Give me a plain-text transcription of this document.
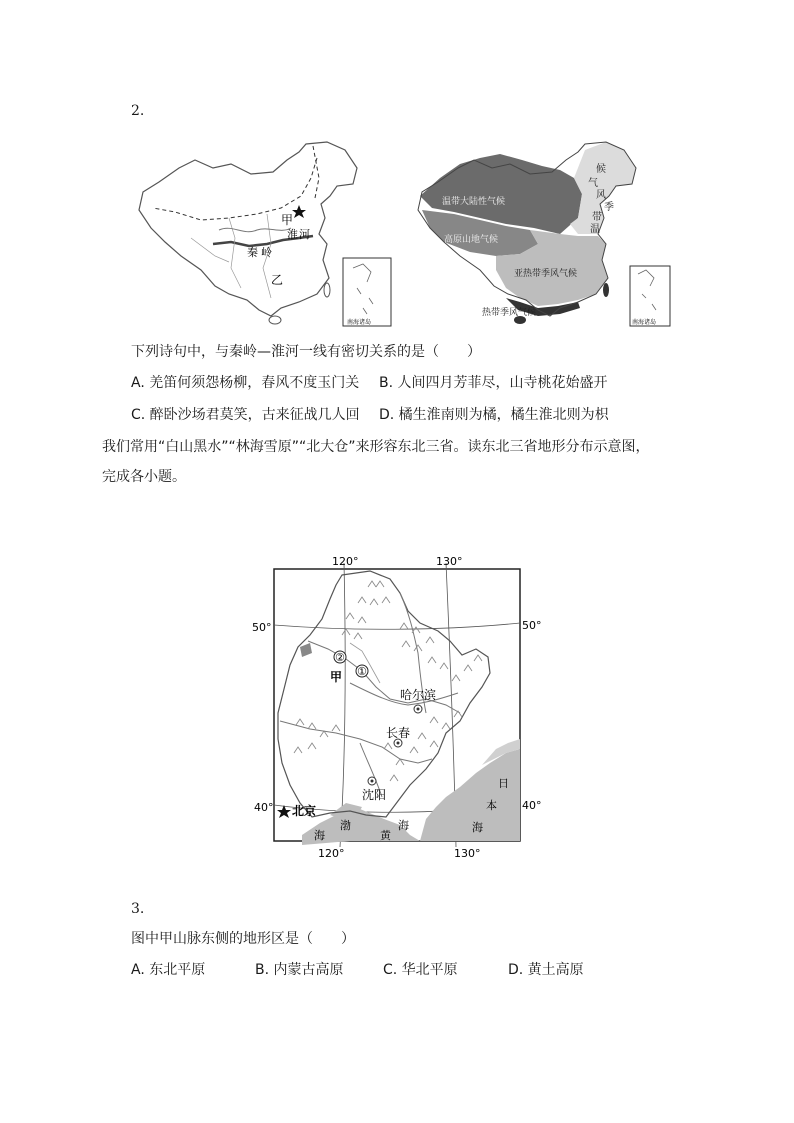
2.
甲
淮 河
秦 岭
乙
南海诸岛
温带大陆性气候
高原山地气候
亚热带季风气候
热带季风气候
候
气
风
季
带
温
南海诸岛
下列诗句中，与秦岭—淮河一线有密切关系的是（　　）
A. 羌笛何须怨杨柳，春风不度玉门关 B. 人间四月芳菲尽，山寺桃花始盛开
C. 醉卧沙场君莫笑，古来征战几人回 D. 橘生淮南则为橘，橘生淮北则为枳
我们常用“白山黑水”“林海雪原”“北大仓”来形容东北三省。读东北三省地形分布示意图，
完成各小题。
②
①
甲
哈尔滨
长春
沈阳
北京
渤
海	黄
海
日
本
海
120°	130°
120°	130°
50°	50°
40°	40°
3.
图中甲山脉东侧的地形区是（　　）
A. 东北平原	B. 内蒙古高原	C. 华北平原	D. 黄土高原
